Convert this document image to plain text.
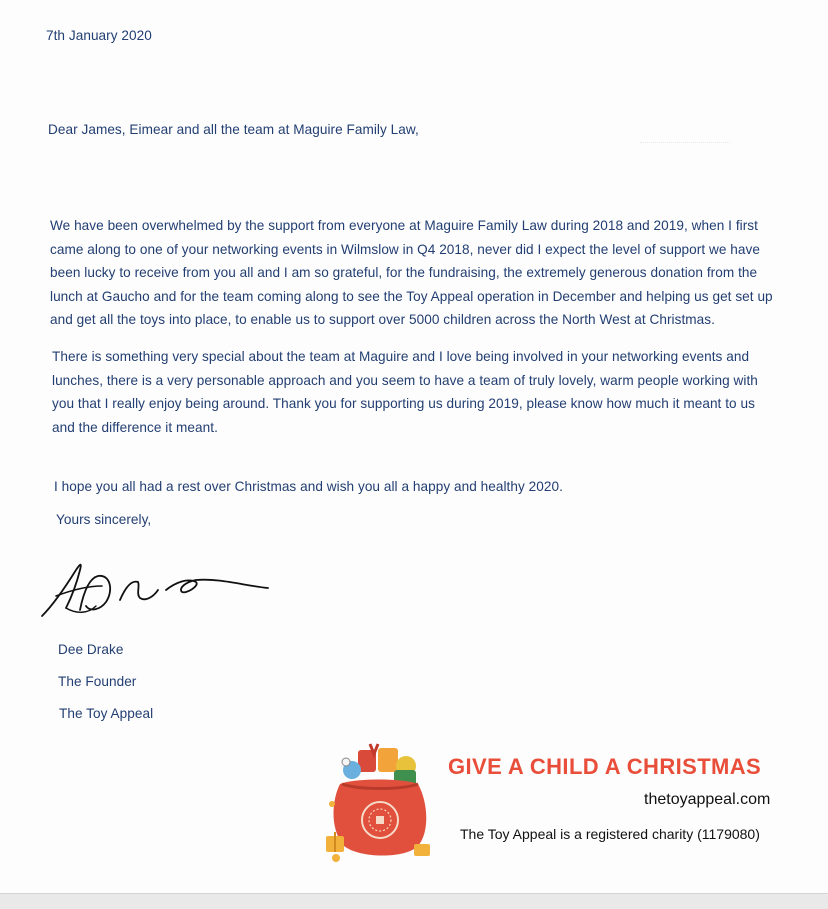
7th January 2020
Dear James, Eimear and all the team at Maguire Family Law,
We have been overwhelmed by the support from everyone at Maguire Family Law during 2018 and 2019, when I first came along to one of your networking events in Wilmslow in Q4 2018, never did I expect the level of support we have been lucky to receive from you all and I am so grateful, for the fundraising, the extremely generous donation from the lunch at Gaucho and for the team coming along to see the Toy Appeal operation in December and helping us get set up and get all the toys into place, to enable us to support over 5000 children across the North West at Christmas.
There is something very special about the team at Maguire and I love being involved in your networking events and lunches, there is a very personable approach and you seem to have a team of truly lovely, warm people working with you that I really enjoy being around. Thank you for supporting us during 2019, please know how much it meant to us and the difference it meant.
I hope you all had a rest over Christmas and wish you all a happy and healthy 2020.
Yours sincerely,
Dee Drake
The Founder
The Toy Appeal
GIVE A CHILD A CHRISTMAS
thetoyappeal.com
The Toy Appeal is a registered charity (1179080)
